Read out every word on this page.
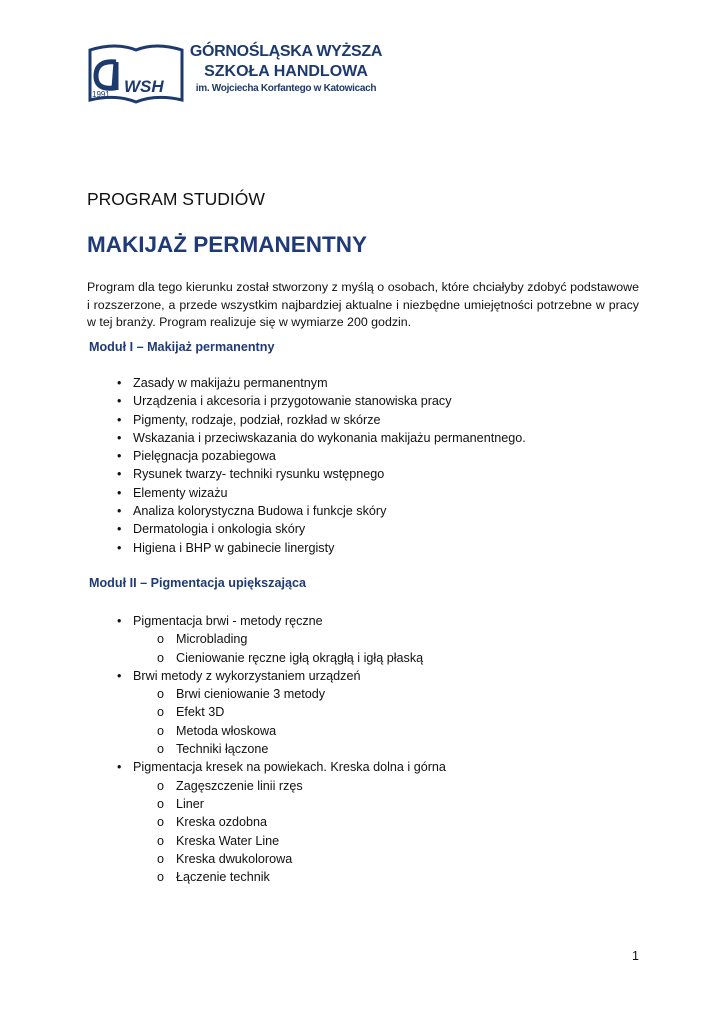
1991 WSH
GÓRNOŚLĄSKA WYŻSZA
SZKOŁA HANDLOWA
im. Wojciecha Korfantego w Katowicach
PROGRAM STUDIÓW
MAKIJAŻ PERMANENTNY
Program dla tego kierunku został stworzony z myślą o osobach, które chciałyby zdobyć podstawowe i rozszerzone, a przede wszystkim najbardziej aktualne i niezbędne umiejętności potrzebne w pracy w tej branży. Program realizuje się w wymiarze 200 godzin.
Moduł I – Makijaż permanentny
• Zasady w makijażu permanentnym
• Urządzenia i akcesoria i przygotowanie stanowiska pracy
• Pigmenty, rodzaje, podział, rozkład w skórze
• Wskazania i przeciwskazania do wykonania makijażu permanentnego.
• Pielęgnacja pozabiegowa
• Rysunek twarzy- techniki rysunku wstępnego
• Elementy wizażu
• Analiza kolorystyczna Budowa i funkcje skóry
• Dermatologia i onkologia skóry
• Higiena i BHP w gabinecie linergisty
Moduł II – Pigmentacja upiększająca
• Pigmentacja brwi - metody ręczne
o Microblading
o Cieniowanie ręczne igłą okrągłą i igłą płaską
• Brwi metody z wykorzystaniem urządzeń
o Brwi cieniowanie 3 metody
o Efekt 3D
o Metoda włoskowa
o Techniki łączone
• Pigmentacja kresek na powiekach. Kreska dolna i górna
o Zagęszczenie linii rzęs
o Liner
o Kreska ozdobna
o Kreska Water Line
o Kreska dwukolorowa
o Łączenie technik
1
